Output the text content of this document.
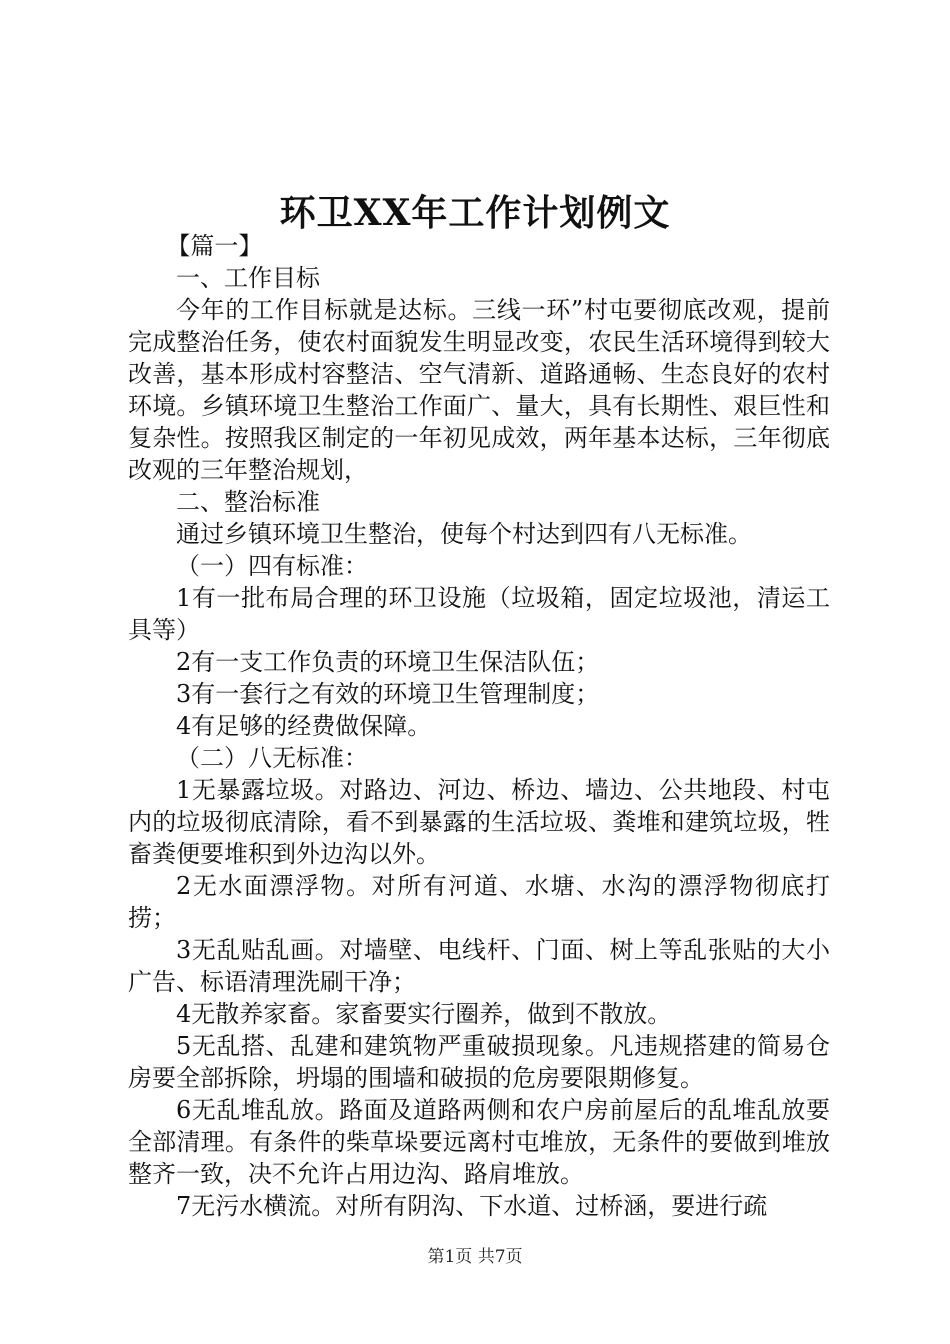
环卫XX年工作计划例文

【篇一】

一、工作目标

今年的工作目标就是达标。三线一环”村屯要彻底改观，提前完成整治任务，使农村面貌发生明显改变，农民生活环境得到较大改善，基本形成村容整洁、空气清新、道路通畅、生态良好的农村环境。乡镇环境卫生整治工作面广、量大，具有长期性、艰巨性和复杂性。按照我区制定的一年初见成效，两年基本达标，三年彻底改观的三年整治规划，

二、整治标准

通过乡镇环境卫生整治，使每个村达到四有八无标准。

（一）四有标准：

1有一批布局合理的环卫设施（垃圾箱，固定垃圾池，清运工具等）

2有一支工作负责的环境卫生保洁队伍；

3有一套行之有效的环境卫生管理制度；

4有足够的经费做保障。

（二）八无标准：

1无暴露垃圾。对路边、河边、桥边、墙边、公共地段、村屯内的垃圾彻底清除，看不到暴露的生活垃圾、粪堆和建筑垃圾，牲畜粪便要堆积到外边沟以外。

2无水面漂浮物。对所有河道、水塘、水沟的漂浮物彻底打捞；

3无乱贴乱画。对墙壁、电线杆、门面、树上等乱张贴的大小广告、标语清理洗刷干净；

4无散养家畜。家畜要实行圈养，做到不散放。

5无乱搭、乱建和建筑物严重破损现象。凡违规搭建的简易仓房要全部拆除，坍塌的围墙和破损的危房要限期修复。

6无乱堆乱放。路面及道路两侧和农户房前屋后的乱堆乱放要全部清理。有条件的柴草垛要远离村屯堆放，无条件的要做到堆放整齐一致，决不允许占用边沟、路肩堆放。

7无污水横流。对所有阴沟、下水道、过桥涵，要进行疏

第1页 共7页
